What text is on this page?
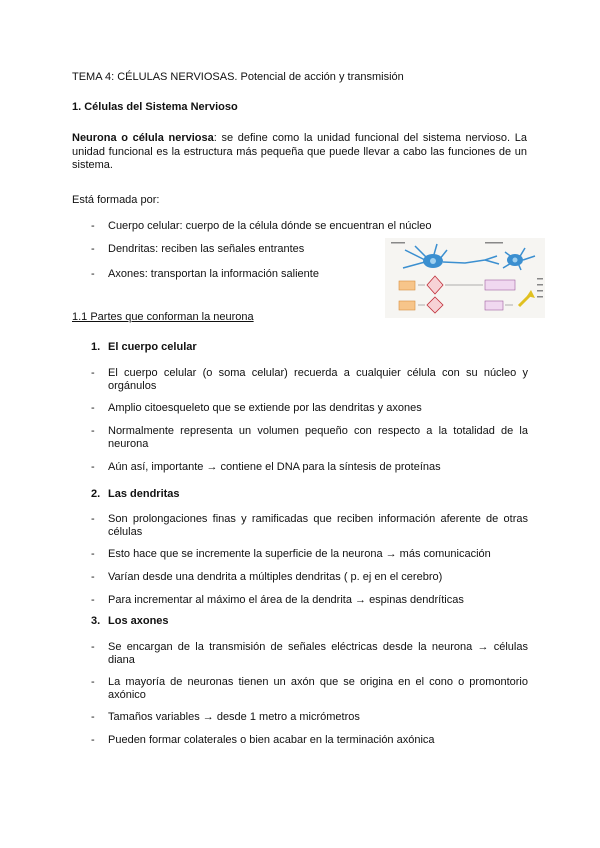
TEMA 4: CÉLULAS NERVIOSAS. Potencial de acción y transmisión
1. Células del Sistema Nervioso
Neurona o célula nerviosa: se define como la unidad funcional del sistema nervioso. La unidad funcional es la estructura más pequeña que puede llevar a cabo las funciones de un sistema.
Está formada por:
- Cuerpo celular: cuerpo de la célula dónde se encuentran el núcleo
- Dendritas: reciben las señales entrantes
- Axones: transportan la información saliente
1.1 Partes que conforman la neurona
1. El cuerpo celular
- El cuerpo celular (o soma celular) recuerda a cualquier célula con su núcleo y orgánulos
- Amplio citoesqueleto que se extiende por las dendritas y axones
- Normalmente representa un volumen pequeño con respecto a la totalidad de la neurona
- Aún así, importante → contiene el DNA para la síntesis de proteínas
2. Las dendritas
- Son prolongaciones finas y ramificadas que reciben información aferente de otras células
- Esto hace que se incremente la superficie de la neurona → más comunicación
- Varían desde una dendrita a múltiples dendritas ( p. ej en el cerebro)
- Para incrementar al máximo el área de la dendrita → espinas dendríticas
3. Los axones
- Se encargan de la transmisión de señales eléctricas desde la neurona → células diana
- La mayoría de neuronas tienen un axón que se origina en el cono o promontorio axónico
- Tamaños variables → desde 1 metro a micrómetros
- Pueden formar colaterales o bien acabar en la terminación axónica
